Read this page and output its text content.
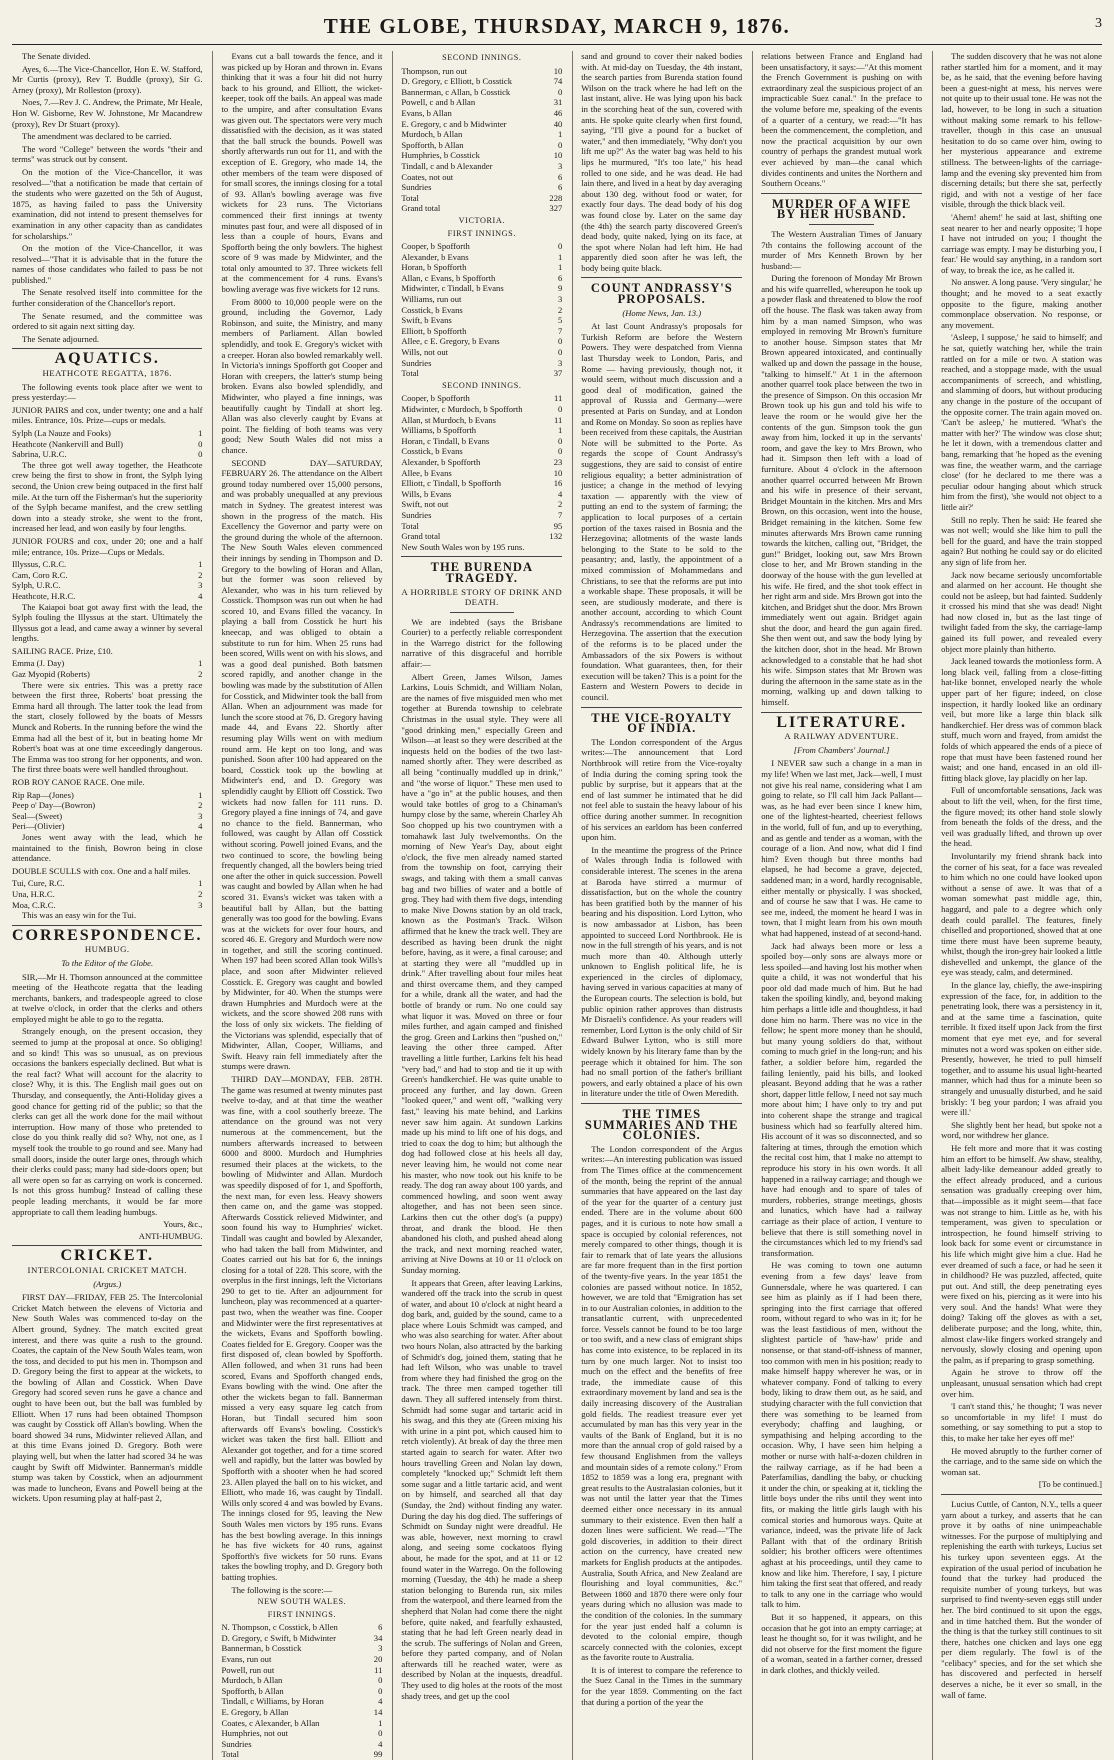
THE GLOBE, THURSDAY, MARCH 9, 1876.	3

The Senate divided.

Ayes, 6.—The Vice-Chancellor, Hon E. W. Stafford, Mr Curtis (proxy), Rev T. Buddle (proxy), Sir G. Arney (proxy), Mr Rolleston (proxy).

Noes, 7.—Rev J. C. Andrew, the Primate, Mr Heale, Hon W. Gisborne, Rev W. Johnstone, Mr Macandrew (proxy), Rev Dr Stuart (proxy).

The amendment was declared to be carried.

The word "College" between the words "their and terms" was struck out by consent.

On the motion of the Vice-Chancellor, it was resolved—"that a notification be made that certain of the students who were gazetted on the 5th of August, 1875, as having failed to pass the University examination, did not intend to present themselves for examination in any other capacity than as candidates for scholarships."

On the motion of the Vice-Chancellor, it was resolved—"That it is advisable that in the future the names of those candidates who failed to pass be not published."

The Senate resolved itself into committee for the further consideration of the Chancellor's report.

The Senate resumed, and the committee was ordered to sit again next sitting day.

The Senate adjourned.

AQUATICS.
HEATHCOTE REGATTA, 1876.

The following events took place after we went to press yesterday:—

JUNIOR PAIRS and cox, under twenty; one and a half miles. Entrance, 10s. Prize—cups or medals.

Sylph (La Nauze and Fooks)	1
Heathcote (Nankervill and Bull)	0
Sabrina, U.R.C.	0

The three got well away together, the Heathcote crew being the first to show in front, the Sylph lying second, the Union crew being outpaced in the first half mile. At the turn off the Fisherman's hut the superiority of the Sylph became manifest, and the crew settling down into a steady stroke, she went to the front, increased her lead, and won easily by four lengths.

JUNIOR FOURS and cox, under 20; one and a half mile; entrance, 10s. Prize—Cups or Medals.

Illyssus, C.R.C.	1
Cam, Coro R.C.	2
Sylph, U.R.C.	3
Heathcote, H.R.C.	4

The Kaiapoi boat got away first with the lead, the Sylph fouling the Illyssus at the start. Ultimately the Illyssus got a lead, and came away a winner by several lengths.

SAILING RACE. Prize, £10.

Emma (J. Day)	1
Gaz Myopid (Roberts)	2

There were six entries. This was a pretty race between the first three, Roberts' boat pressing the Emma hard all through. The latter took the lead from the start, closely followed by the boats of Messrs Munck and Roberts. In the running before the wind the Emma had all the best of it, but in beating home Mr Robert's boat was at one time exceedingly dangerous. The Emma was too strong for her opponents, and won. The first three boats were well handled throughout.

ROB ROY CANOE RACE. One mile.

Rip Rap—(Jones)	1
Peep o' Day—(Bowron)	2
Seal—(Sweet)	3
Peri—(Olivier)	4

Jones went away with the lead, which he maintained to the finish, Bowron being in close attendance.

DOUBLE SCULLS with cox. One and a half miles.

Tui, Cure, R.C.	1
Una, H.R.C.	2
Moa, C.R.C.	3

This was an easy win for the Tui.

CORRESPONDENCE.
HUMBUG.
To the Editor of the Globe.

SIR,—Mr H. Thomson announced at the committee meeting of the Heathcote regatta that the leading merchants, bankers, and tradespeople agreed to close at twelve o'clock, in order that the clerks and others employed might be able to go to the regatta.

Strangely enough, on the present occasion, they seemed to jump at the proposal at once. So obliging! and so kind! This was so unusual, as on previous occasions the bankers especially declined. But what is the real fact? What will account for the alacrity to close? Why, it is this. The English mail goes out on Thursday, and consequently, the Anti-Holiday gives a good chance for getting rid of the public; so that the clerks can get all the work done for the mail without interruption. How many of those who pretended to close do you think really did so? Why, not one, as I myself took the trouble to go round and see. Many had small doors, inside the outer large ones, through which their clerks could pass; many had side-doors open; but all were open so far as carrying on work is concerned. Is not this gross humbug? Instead of calling these people leading merchants, it would be far more appropriate to call them leading humbugs.

Yours, &c.,
ANTI-HUMBUG.
CRICKET.
INTERCOLONIAL CRICKET MATCH.
(Argus.)

FIRST DAY—FRIDAY, FEB 25. The Intercolonial Cricket Match between the elevens of Victoria and New South Wales was commenced to-day on the Albert ground, Sydney. The match excited great interest, and there was quite a rush to the ground. Coates, the captain of the New South Wales team, won the toss, and decided to put his men in. Thompson and D. Gregory being the first to appear at the wickets, to the bowling of Allan and Cosstick. When Dave Gregory had scored seven runs he gave a chance and ought to have been out, but the ball was fumbled by Elliott. When 17 runs had been obtained Thompson was caught by Cosstick off Allan's bowling. When the board showed 34 runs, Midwinter relieved Allan, and at this time Evans joined D. Gregory. Both were playing well, but when the latter had scored 34 he was caught by Swift off Midwinter. Bannerman's middle stump was taken by Cosstick, when an adjournment was made to luncheon, Evans and Powell being at the wickets. Upon resuming play at half-past 2,

Evans cut a ball towards the fence, and it was picked up by Horan and thrown in. Evans thinking that it was a four hit did not hurry back to his ground, and Elliott, the wicket-keeper, took off the bails. An appeal was made to the umpire, and after consultation Evans was given out. The spectators were very much dissatisfied with the decision, as it was stated that the ball struck the bounds. Powell was shortly afterwards run out for 11, and with the exception of E. Gregory, who made 14, the other members of the team were disposed of for small scores, the innings closing for a total of 93. Allan's bowling average was five wickets for 23 runs. The Victorians commenced their first innings at twenty minutes past four, and were all disposed of in less than a couple of hours, Evans and Spofforth being the only bowlers. The highest score of 9 was made by Midwinter, and the total only amounted to 37. Three wickets fell at the commencement for 4 runs. Evans's bowling average was five wickets for 12 runs.

From 8000 to 10,000 people were on the ground, including the Governor, Lady Robinson, and suite, the Ministry, and many members of Parliament. Allan bowled splendidly, and took E. Gregory's wicket with a creeper. Horan also bowled remarkably well. In Victoria's innings Spofforth got Cooper and Horan with creepers, the latter's stump being broken. Evans also bowled splendidly, and Midwinter, who played a fine innings, was beautifully caught by Tindall at short leg. Allan was also cleverly caught by Evans at point. The fielding of both teams was very good; New South Wales did not miss a chance.

SECOND DAY—SATURDAY, FEBRUARY 26. The attendance on the Albert ground today numbered over 15,000 persons, and was probably unequalled at any previous match in Sydney. The greatest interest was shown in the progress of the match. His Excellency the Governor and party were on the ground during the whole of the afternoon. The New South Wales eleven commenced their innings by sending in Thompson and D. Gregory to the bowling of Horan and Allan, but the former was soon relieved by Alexander, who was in his turn relieved by Cosstick. Thompson was run out when he had scored 10, and Evans filled the vacancy. In playing a ball from Cosstick he hurt his kneecap, and was obliged to obtain a substitute to run for him. When 25 runs had been scored, Wills went on with his slows, and was a good deal punished. Both batsmen scored rapidly, and another change in the bowling was made by the substitution of Allen for Cosstick, and Midwinter took the ball from Allan. When an adjournment was made for lunch the score stood at 76, D. Gregory having made 44, and Evans 22. Shortly after resuming play Wills went on with medium round arm. He kept on too long, and was punished. Soon after 100 had appeared on the board, Cosstick took up the bowling at Midwinter's end, and D. Gregory was splendidly caught by Elliott off Cosstick. Two wickets had now fallen for 111 runs. D. Gregory played a fine innings of 74, and gave no chance to the field. Bannerman, who followed, was caught by Allan off Cosstick without scoring. Powell joined Evans, and the two continued to score, the bowling being frequently changed, all the bowlers being tried one after the other in quick succession. Powell was caught and bowled by Allan when he had scored 31. Evans's wicket was taken with a beautiful ball by Allan, but the batting generally was too good for the bowling. Evans was at the wickets for over four hours, and scored 46. E. Gregory and Murdoch were now in together, and still the scoring continued. When 197 had been scored Allan took Wills's place, and soon after Midwinter relieved Cosstick. E. Gregory was caught and bowled by Midwinter, for 40. When the stumps were drawn Humphries and Murdoch were at the wickets, and the score showed 208 runs with the loss of only six wickets. The fielding of the Victorians was splendid, especially that of Midwinter, Allan, Cooper, Williams, and Swift. Heavy rain fell immediately after the stumps were drawn.

THIRD DAY—MONDAY, FEB. 28TH. The game was resumed at twenty minutes past twelve to-day, and at that time the weather was fine, with a cool southerly breeze. The attendance on the ground was not very numerous at the commencement, but the numbers afterwards increased to between 6000 and 8000. Murdoch and Humphries resumed their places at the wickets, to the bowling of Midwinter and Allan. Murdoch was speedily disposed of for 1, and Spofforth, the next man, for even less. Heavy showers then came on, and the game was stopped. Afterwards Cosstick relieved Midwinter, and soon found his way to Humphries' wicket. Tindall was caught and bowled by Alexander, who had taken the ball from Midwinter, and Coates carried out his bat for 6, the innings closing for a total of 228. This score, with the overplus in the first innings, left the Victorians 290 to get to tie. After an adjournment for luncheon, play was recommenced at a quarter-past two, when the weather was fine. Cooper and Midwinter were the first representatives at the wickets, Evans and Spofforth bowling. Coates fielded for E. Gregory. Cooper was the first disposed of, clean bowled by Spofforth. Allen followed, and when 31 runs had been scored, Evans and Spofforth changed ends, Evans bowling with the wind. One after the other the wickets began to fall. Bannerman missed a very easy square leg catch from Horan, but Tindall secured him soon afterwards off Evans's bowling. Cosstick's wicket was taken the first ball. Elliott and Alexander got together, and for a time scored well and rapidly, but the latter was bowled by Spofforth with a shooter when he had scored 23. Allen played the ball on to his wicket, and Elliott, who made 16, was caught by Tindall. Wills only scored 4 and was bowled by Evans. The innings closed for 95, leaving the New South Wales men victors by 195 runs. Evans has the best bowling average. In this innings he has five wickets for 40 runs, against Spofforth's five wickets for 50 runs. Evans takes the bowling trophy, and D. Gregory both batting trophies.

The following is the score:—

NEW SOUTH WALES.
FIRST INNINGS.
N. Thompson, c Cosstick, b Allen	6
D. Gregory, c Swift, b Midwinter	34
Bannerman, b Cosstick	3
Evans, run out	20
Powell, run out	11
Murdoch, b Allan	0
Spofforth, b Allan	0
Tindall, c Williams, by Horan	4
E. Gregory, b Allan	14
Coates, c Alexander, b Allan	1
Humphries, not out	0
Sundries	4
Total	99
SECOND INNINGS.
Thompson, run out	10
D. Gregory, c Elliott, b Cosstick	74
Bannerman, c Allan, b Cosstick	0
Powell, c and b Allan	31
Evans, b Allan	46
E. Gregory, c and b Midwinter	40
Murdoch, b Allan	1
Spofforth, b Allan	0
Humphries, b Cosstick	10
Tindall, c and b Alexander	3
Coates, not out	6
Sundries	6
Total	228
Grand total	327
VICTORIA.
FIRST INNINGS.
Cooper, b Spofforth	0
Alexander, b Evans	1
Horan, b Spofforth	1
Allan, c Evans, b Spofforth	6
Midwinter, c Tindall, b Evans	9
Williams, run out	3
Cosstick, b Evans	2
Swift, b Evans	5
Elliott, b Spofforth	7
Allee, c E. Gregory, b Evans	0
Wills, not out	0
Sundries	3
Total	37
SECOND INNINGS.
Cooper, b Spofforth	11
Midwinter, c Murdoch, b Spofforth	0
Allan, st Murdoch, b Evans	11
Williams, b Spofforth	1
Horan, c Tindall, b Evans	0
Cosstick, b Evans	0
Alexander, b Spofforth	23
Allee, b Evans	10
Elliott, c Tindall, b Spofforth	16
Wills, b Evans	4
Swift, not out	2
Sundries	7
Total	95
Grand total	132

New South Wales won by 195 runs.

THE BURENDA TRAGEDY.
A HORRIBLE STORY OF DRINK AND DEATH.

We are indebted (says the Brisbane Courier) to a perfectly reliable correspondent in the Warrego district for the following narrative of this disgraceful and horrible affair:—

Albert Green, James Wilson, James Larkins, Louis Schmidt, and William Nolan, are the names of five misguided men who met together at Burenda township to celebrate Christmas in the usual style. They were all "good drinking men," especially Green and Wilson—at least so they were described at the inquests held on the bodies of the two last-named shortly after. They were described as all being "continually muddled up in drink," and "the worse of liquor." These men used to have a "go in" at the public houses, and then would take bottles of grog to a Chinaman's humpy close by the same, wherein Charley Ah Soo chopped up his two countrymen with a tomahawk last July twelvemonths. On the morning of New Year's Day, about eight o'clock, the five men already named started from the township on foot, carrying their swags, and taking with them a small canvas bag and two billies of water and a bottle of grog. They had with them five dogs, intending to make Nive Downs station by an old track, known as the Postman's Track. Wilson affirmed that he knew the track well. They are described as having been drunk the night before, having, as it were, a final carouse; and at starting they were all "muddled up in drink." After travelling about four miles heat and thirst overcame them, and they camped for a while, drank all the water, and had the bottle of brandy or rum. No one could say what liquor it was. Moved on three or four miles further, and again camped and finished the grog. Green and Larkins then "pushed on," leaving the other three camped. After travelling a little further, Larkins felt his head "very bad," and had to stop and tie it up with Green's handkerchief. He was quite unable to proceed any further, and lay down. Green "looked queer," and went off, "walking very fast," leaving his mate behind, and Larkins never saw him again. At sundown Larkins made up his mind to lift one of his dogs, and tried to coax the dog to him; but although the dog had followed close at his heels all day, never leaving him, he would not come near his master, who now took out his knife to be ready. The dog ran away about 100 yards, and commenced howling, and soon went away altogether, and has not been seen since. Larkins then cut the other dog's (a puppy) throat, and drank the blood. He then abandoned his cloth, and pushed ahead along the track, and next morning reached water, arriving at Nive Downs at 10 or 11 o'clock on Sunday morning.

It appears that Green, after leaving Larkins, wandered off the track into the scrub in quest of water, and about 10 o'clock at night heard a dog bark, and, guided by the sound, came to a place where Louis Schmidt was camped, and who was also searching for water. After about two hours Nolan, also attracted by the barking of Schmidt's dog, joined them, stating that he had left Wilson, who was unable to travel from where they had finished the grog on the track. The three men camped together till dawn. They all suffered intensely from thirst. Schmidt had some sugar and tartaric acid in his swag, and this they ate (Green mixing his with urine in a pint pot, which caused him to retch violently). At break of day the three men started again to search for water. After two hours travelling Green and Nolan lay down, completely "knocked up;" Schmidt left them some sugar and a little tartaric acid, and went on by himself, and searched all that day (Sunday, the 2nd) without finding any water. During the day his dog died. The sufferings of Schmidt on Sunday night were dreadful. He was able, however, next morning to crawl along, and seeing some cockatoos flying about, he made for the spot, and at 11 or 12 found water in the Warrego. On the following morning (Tuesday, the 4th) he made a sheep station belonging to Burenda run, six miles from the waterpool, and there learned from the shepherd that Nolan had come there the night before, quite naked, and fearfully exhausted, stating that he had left Green nearly dead in the scrub. The sufferings of Nolan and Green, before they parted company, and of Nolan afterwards till he reached water, were as described by Nolan at the inquests, dreadful. They used to dig holes at the roots of the most shady trees, and get up the cool

sand and ground to cover their naked bodies with. At mid-day on Tuesday, the 4th instant, the search parties from Burenda station found Wilson on the track where he had left on the last instant, alive. He was lying upon his back in the scorching heat of the sun, covered with ants. He spoke quite clearly when first found, saying, "I'll give a pound for a bucket of water," and then immediately, "Why don't you lift me up?" As the water bag was held to his lips he murmured, "It's too late," his head rolled to one side, and he was dead. He had lain there, and lived in a heat by day averaging about 130 deg. without food or water, for exactly four days. The dead body of his dog was found close by. Later on the same day (the 4th) the search party discovered Green's dead body, quite naked, lying on its face, at the spot where Nolan had left him. He had apparently died soon after he was left, the body being quite black.

COUNT ANDRASSY'S PROPOSALS.
(Home News, Jan. 13.)

At last Count Andrassy's proposals for Turkish Reform are before the Western Powers. They were despatched from Vienna last Thursday week to London, Paris, and Rome — having previously, though not, it would seem, without much discussion and a good deal of modification, gained the approval of Russia and Germany—were presented at Paris on Sunday, and at London and Rome on Monday. So soon as replies have been received from these capitals, the Austrian Note will be submitted to the Porte. As regards the scope of Count Andrassy's suggestions, they are said to consist of entire religious equality; a better administration of justice; a change in the method of levying taxation — apparently with the view of putting an end to the system of farming; the application to local purposes of a certain portion of the taxes raised in Bosnia and the Herzegovina; allotments of the waste lands belonging to the State to be sold to the peasantry; and, lastly, the appointment of a mixed commission of Mohammedans and Christians, to see that the reforms are put into a workable shape. These proposals, it will be seen, are studiously moderate, and there is another account, according to which Count Andrassy's recommendations are limited to Herzegovina. The assertion that the execution of the reforms is to be placed under the Ambassadors of the six Powers is without foundation. What guarantees, then, for their execution will be taken? This is a point for the Eastern and Western Powers to decide in council.

THE VICE-ROYALTY OF INDIA.

The London correspondent of the Argus writes:—The announcement that Lord Northbrook will retire from the Vice-royalty of India during the coming spring took the public by surprise, but it appears that at the end of last summer he intimated that he did not feel able to sustain the heavy labour of his office during another summer. In recognition of his services an earldom has been conferred upon him.

In the meantime the progress of the Prince of Wales through India is followed with considerable interest. The scenes in the arena at Baroda have stirred a murmur of dissatisfaction, but on the whole the country has been gratified both by the manner of his bearing and his disposition. Lord Lytton, who is now ambassador at Lisbon, has been appointed to succeed Lord Northbrook. He is now in the full strength of his years, and is not much more than 40. Although utterly unknown to English political life, he is experienced in the circles of diplomacy, having served in various capacities at many of the European courts. The selection is bold, but public opinion rather approves than distrusts Mr Disraeli's confidence. As your readers will remember, Lord Lytton is the only child of Sir Edward Bulwer Lytton, who is still more widely known by his literary fame than by the peerage which it obtained for him. The son had no small portion of the father's brilliant powers, and early obtained a place of his own in literature under the title of Owen Meredith.

THE TIMES SUMMARIES AND THE COLONIES.

The London correspondent of the Argus writes:—An interesting publication was issued from The Times office at the commencement of the month, being the reprint of the annual summaries that have appeared on the last day of the year for the quarter of a century just ended. There are in the volume about 600 pages, and it is curious to note how small a space is occupied by colonial references, not merely compared to other things, though it is fair to remark that of late years the allusions are far more frequent than in the first portion of the twenty-five years. In the year 1851 the colonies are passed without notice. In 1852, however, we are told that "Emigration has set in to our Australian colonies, in addition to the transatlantic current, with unprecedented force. Vessels cannot be found to be too large or too swift, and a new class of emigrant ships has come into existence, to be replaced in its turn by one much larger. Not to insist too much on the effect and the benefits of free trade, the immediate cause of this extraordinary movement by land and sea is the daily increasing discovery of the Australian gold fields. The readiest treasure ever yet accumulated by man has this very year in the vaults of the Bank of England, but it is no more than the annual crop of gold raised by a few thousand Englishmen from the valleys and mountain sides of a remote colony." From 1852 to 1859 was a long era, pregnant with great results to the Australasian colonies, but it was not until the latter year that the Times deemed either once necessary in its annual summary to their existence. Even then half a dozen lines were sufficient. We read—"The gold discoveries, in addition to their direct action on the currency, have created new markets for English products at the antipodes. Australia, South Africa, and New Zealand are flourishing and loyal communities, &c." Between 1860 and 1870 there were only four years during which no allusion was made to the condition of the colonies. In the summary for the year just ended half a column is devoted to the colonial empire, though scarcely connected with the colonies, except as the favorite route to Australia.

It is of interest to compare the reference to the Suez Canal in the Times in the summary for the year 1859. Commenting on the fact that during a portion of the year the

relations between France and England had been unsatisfactory, it says:—"At this moment the French Government is pushing on with extraordinary zeal the suspicious project of an impracticable Suez canal." In the preface to the volume before me, speaking of the events of a quarter of a century, we read:—"It has been the commencement, the completion, and now the practical acquisition by our own country of perhaps the grandest mutual work ever achieved by man—the canal which divides continents and unites the Northern and Southern Oceans."

MURDER OF A WIFE BY HER HUSBAND.

The Western Australian Times of January 7th contains the following account of the murder of Mrs Kenneth Brown by her husband:—

During the forenoon of Monday Mr Brown and his wife quarrelled, whereupon he took up a powder flask and threatened to blow the roof off the house. The flask was taken away from him by a man named Simpson, who was employed in removing Mr Brown's furniture to another house. Simpson states that Mr Brown appeared intoxicated, and continually walked up and down the passage in the house, "talking to himself." At 1 in the afternoon another quarrel took place between the two in the presence of Simpson. On this occasion Mr Brown took up his gun and told his wife to leave the room or he would give her the contents of the gun. Simpson took the gun away from him, locked it up in the servants' room, and gave the key to Mrs Brown, who had it. Simpson then left with a load of furniture. About 4 o'clock in the afternoon another quarrel occurred between Mr Brown and his wife in presence of their servant, Bridget Mountain in the kitchen. Mrs and Mrs Brown, on this occasion, went into the house, Bridget remaining in the kitchen. Some few minutes afterwards Mrs Brown came running towards the kitchen, calling out, "Bridget, the gun!" Bridget, looking out, saw Mrs Brown close to her, and Mr Brown standing in the doorway of the house with the gun levelled at his wife. He fired, and the shot took effect in her right arm and side. Mrs Brown got into the kitchen, and Bridget shut the door. Mrs Brown immediately went out again. Bridget again shut the door, and heard the gun again fired. She then went out, and saw the body lying by the kitchen door, shot in the head. Mr Brown acknowledged to a constable that he had shot his wife. Simpson states that Mr Brown was during the afternoon in the same state as in the morning, walking up and down talking to himself.

LITERATURE.
A RAILWAY ADVENTURE.
[From Chambers' Journal.]

I NEVER saw such a change in a man in my life! When we last met, Jack—well, I must not give his real name, considering what I am going to relate, so I'll call him Jack Pallant—was, as he had ever been since I knew him, one of the lightest-hearted, cheeriest fellows in the world, full of fun, and up to everything, and as gentle and tender as a woman, with the courage of a lion. And now, what did I find him? Even though but three months had elapsed, he had become a grave, dejected, saddened man; in a word, hardly recognisable, either mentally or physically. I was shocked, and of course he saw that I was. He came to see me, indeed, the moment he heard I was in town, that I might learn from his own mouth what had happened, instead of at second-hand.

Jack had always been more or less a spoiled boy—only sons are always more or less spoiled—and having lost his mother when quite a child, it was not wonderful that his poor old dad made much of him. But he had taken the spoiling kindly, and, beyond making him perhaps a little idle and thoughtless, it had done him no harm. There was no vice in the fellow; he spent more money than he should, but many young soldiers do that, without coming to much grief in the long-run; and his father, a soldier before him, regarded the failing leniently, paid his bills, and looked pleasant. Beyond adding that he was a rather short, dapper little fellow, I need not say much more about him; I have only to try and put into coherent shape the strange and tragical business which had so fearfully altered him. His account of it was so disconnected, and so faltering at times, through the emotion which the recital cost him, that I make no attempt to reproduce his story in his own words. It all happened in a railway carriage; and though we have had enough and to spare of tales of murders, robberies, strange meetings, ghosts and lunatics, which have had a railway carriage as their place of action, I venture to believe that there is still something novel in the circumstances which led to my friend's sad transformation.

He was coming to town one autumn evening from a few days' leave from Gunnersdale, where he was quartered. I can see him as plainly as if I had been there, springing into the first carriage that offered room, without regard to who was in it; for he was the least fastidious of men, without the slightest particle of 'haw-haw' pride and nonsense, or that stand-off-ishness of manner, too common with men in his position; ready to make himself happy wherever he was, or in whatever company. Fond of talking to every body, liking to draw them out, as he said, and studying character with the full conviction that there was something to be learned from everybody; chaffing and laughing, or sympathising and helping according to the occasion. Why, I have seen him helping a mother or nurse with half-a-dozen children in the railway carriage, as if he had been a Paterfamilias, dandling the baby, or chucking it under the chin, or speaking at it, tickling the little boys under the ribs until they went into fits, or making the little girls laugh with his comical stories and humorous ways. Quite at variance, indeed, was the private life of Jack Pallant with that of the ordinary British soldier; his brother officers were oftentimes aghast at his proceedings, until they came to know and like him. Therefore, I say, I picture him taking the first seat that offered, and ready to talk to any one in the carriage who would talk to him.

But it so happened, it appears, on this occasion that he got into an empty carriage; at least he thought so, for it was twilight, and he did not observe for the first moment the figure of a woman, seated in a farther corner, dressed in dark clothes, and thickly veiled.

The sudden discovery that he was not alone rather startled him for a moment, and it may be, as he said, that the evening before having been a guest-night at mess, his nerves were not quite up to their usual tone. He was not the lad, however, to be long in such a situation without making some remark to his fellow-traveller, though in this case an unusual hesitation to do so came over him, owing to her mysterious appearance and extreme stillness. The between-lights of the carriage-lamp and the evening sky prevented him from discerning details; but there she sat, perfectly rigid, and with not a vestige of her face visible, through the thick black veil.

'Ahem! ahem!' he said at last, shifting one seat nearer to her and nearly opposite; 'I hope I have not intruded on you; I thought the carriage was empty. I may be disturbing you, I fear.' He would say anything, in a random sort of way, to break the ice, as he called it.

No answer. A long pause. 'Very singular,' he thought; and he moved to a seat exactly opposite to the figure, making another commonplace observation. No response, or any movement.

'Asleep, I suppose,' he said to himself; and he sat, quietly watching her, while the train rattled on for a mile or two. A station was reached, and a stoppage made, with the usual accompaniments of screech, and whistling, and slamming of doors, but without producing any change in the posture of the occupant of the opposite corner. The train again moved on. 'Can't be asleep,' he muttered. 'What's the matter with her?' The window was close shut; he let it down, with a tremendous clatter and bang, remarking that 'he hoped as the evening was fine, the weather warm, and the carriage close' (for he declared to me there was a peculiar odour hanging about which struck him from the first), 'she would not object to a little air?'

Still no reply. Then he said: He feared she was not well; would she like him to pull the bell for the guard, and have the train stopped again? But nothing he could say or do elicited any sign of life from her.

Jack now became seriously uncomfortable and alarmed on her account. He thought she could not be asleep, but had fainted. Suddenly it crossed his mind that she was dead! Night had now closed in, but as the last tinge of twilight faded from the sky, the carriage-lamp gained its full power, and revealed every object more plainly than hitherto.

Jack leaned towards the motionless form. A long black veil, falling from a close-fitting hat-like bonnet, enveloped nearly the whole upper part of her figure; indeed, on close inspection, it hardly looked like an ordinary veil, but more like a large thin black silk handkerchief. Her dress was of common black stuff, much worn and frayed, from amidst the folds of which appeared the ends of a piece of rope that must have been fastened round her waist; and one hand, encased in an old ill-fitting black glove, lay placidly on her lap.

Full of uncomfortable sensations, Jack was about to lift the veil, when, for the first time, the figure moved; its other hand stole slowly from beneath the folds of the dress, and the veil was gradually lifted, and thrown up over the head.

Involuntarily my friend shrank back into the corner of his seat, for a face was revealed to him which no one could have looked upon without a sense of awe. It was that of a woman somewhat past middle age, thin, haggard, and pale to a degree which only death could parallel. The features, finely chiselled and proportioned, showed that at one time there must have been supreme beauty, whilst, though the iron-grey hair looked a little dishevelled and unkempt, the glance of the eye was steady, calm, and determined.

In the glance lay, chiefly, the awe-inspiring expression of the face, for, in addition to the penetrating look, there was a persistency in it, and at the same time a fascination, quite terrible. It fixed itself upon Jack from the first moment that eye met eye, and for several minutes not a word was spoken on either side. Presently, however, he tried to pull himself together, and to assume his usual light-hearted manner, which had thus for a minute been so strangely and unusually disturbed, and he said briskly: 'I beg your pardon; I was afraid you were ill.'

She slightly bent her head, but spoke not a word, nor withdrew her glance.

He felt more and more that it was costing him an effort to be himself. Aw shaw, stealthy, albeit lady-like demeanour added greatly to the effect already produced, and a curious sensation was gradually creeping over him, that—impossible as it might seem—that face was not strange to him. Little as he, with his temperament, was given to speculation or introspection, he found himself striving to look back for some event or circumstance in his life which might give him a clue. Had he ever dreamed of such a face, or had he seen it in childhood? He was puzzled, affected, quite put out. And still, the deep penetrating eyes were fixed on his, piercing as it were into his very soul. And the hands! What were they doing? Taking off the gloves as with a set, deliberate purpose; and the long, white, thin, almost claw-like fingers worked strangely and nervously, slowly closing and opening upon the palm, as if preparing to grasp something.

Again he strove to throw off the unpleasant, unusual sensation which had crept over him.

'I can't stand this,' he thought; 'I was never so uncomfortable in my life! I must do something, or say something to put a stop to this, to make her take her eyes off me!'

He moved abruptly to the further corner of the carriage, and to the same side on which the woman sat.

[To be continued.]

Lucius Cuttle, of Canton, N.Y., tells a queer yarn about a turkey, and asserts that he can prove it by oaths of nine unimpeachable witnesses. For the purpose of multiplying and replenishing the earth with turkeys, Lucius set his turkey upon seventeen eggs. At the expiration of the usual period of incubation he found that the turkey had produced the requisite number of young turkeys, but was surprised to find twenty-seven eggs still under her. The bird continued to sit upon the eggs, and in time hatched them. But the wonder of the thing is that the turkey still continues to sit there, hatches one chicken and lays one egg per diem regularly. The fowl is of the "celibacy" species, and for the set which she has discovered and perfected in herself deserves a niche, be it ever so small, in the wall of fame.
